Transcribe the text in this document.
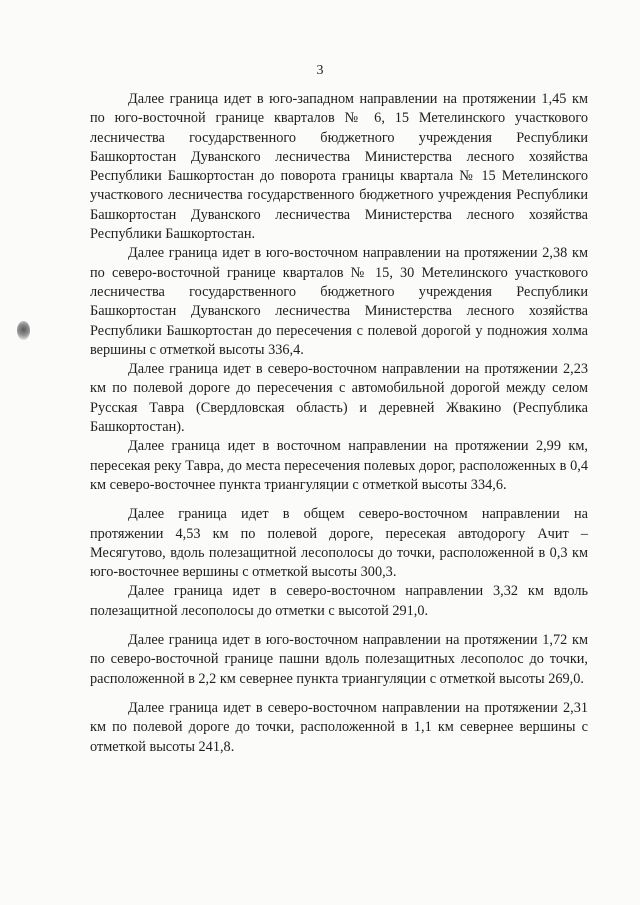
3

Далее граница идет в юго-западном направлении на протяжении 1,45 км по юго-восточной границе кварталов № 6, 15 Метелинского участкового лесничества государственного бюджетного учреждения Республики Башкортостан Дуванского лесничества Министерства лесного хозяйства Республики Башкортостан до поворота границы квартала № 15 Метелинского участкового лесничества государственного бюджетного учреждения Республики Башкортостан Дуванского лесничества Министерства лесного хозяйства Республики Башкортостан.

Далее граница идет в юго-восточном направлении на протяжении 2,38 км по северо-восточной границе кварталов № 15, 30 Метелинского участкового лесничества государственного бюджетного учреждения Республики Башкортостан Дуванского лесничества Министерства лесного хозяйства Республики Башкортостан до пересечения с полевой дорогой у подножия холма вершины с отметкой высоты 336,4.

Далее граница идет в северо-восточном направлении на протяжении 2,23 км по полевой дороге до пересечения с автомобильной дорогой между селом Русская Тавра (Свердловская область) и деревней Жвакино (Республика Башкортостан).

Далее граница идет в восточном направлении на протяжении 2,99 км, пересекая реку Тавра, до места пересечения полевых дорог, расположенных в 0,4 км северо-восточнее пункта триангуляции с отметкой высоты 334,6.

Далее граница идет в общем северо-восточном направлении на протяжении 4,53 км по полевой дороге, пересекая автодорогу Ачит – Месягутово, вдоль полезащитной лесополосы до точки, расположенной в 0,3 км юго-восточнее вершины с отметкой высоты 300,3.

Далее граница идет в северо-восточном направлении 3,32 км вдоль полезащитной лесополосы до отметки с высотой 291,0.

Далее граница идет в юго-восточном направлении на протяжении 1,72 км по северо-восточной границе пашни вдоль полезащитных лесополос до точки, расположенной в 2,2 км севернее пункта триангуляции с отметкой высоты 269,0.

Далее граница идет в северо-восточном направлении на протяжении 2,31 км по полевой дороге до точки, расположенной в 1,1 км севернее вершины с отметкой высоты 241,8.
